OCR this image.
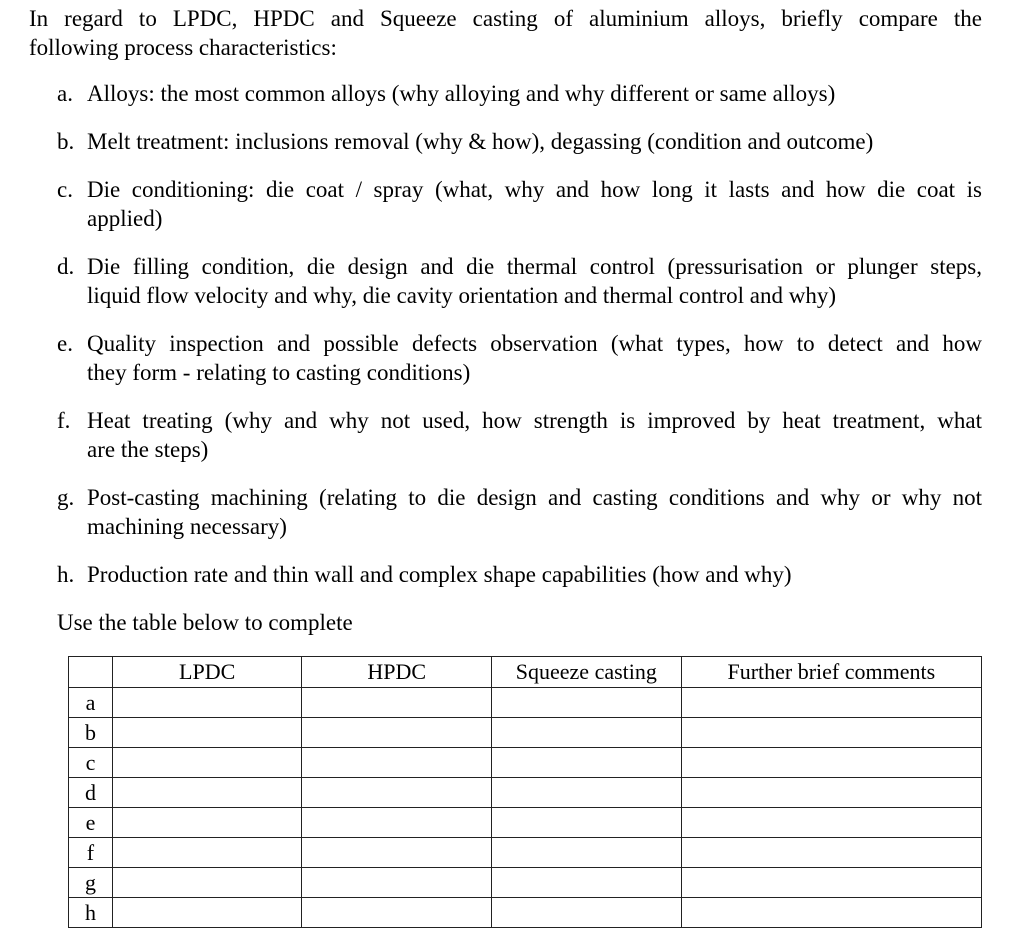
In regard to LPDC, HPDC and Squeeze casting of aluminium alloys, briefly compare the
following process characteristics:

a. Alloys: the most common alloys (why alloying and why different or same alloys)
b. Melt treatment: inclusions removal (why & how), degassing (condition and outcome)
c. Die conditioning: die coat / spray (what, why and how long it lasts and how die coat is
applied)
d. Die filling condition, die design and die thermal control (pressurisation or plunger steps,
liquid flow velocity and why, die cavity orientation and thermal control and why)
e. Quality inspection and possible defects observation (what types, how to detect and how
they form - relating to casting conditions)
f. Heat treating (why and why not used, how strength is improved by heat treatment, what
are the steps)
g. Post-casting machining (relating to die design and casting conditions and why or why not
machining necessary)
h. Production rate and thin wall and complex shape capabilities (how and why)

Use the table below to complete

	LPDC	HPDC	Squeeze casting	Further brief comments
a				
b				
c				
d				
e				
f				
g				
h				
